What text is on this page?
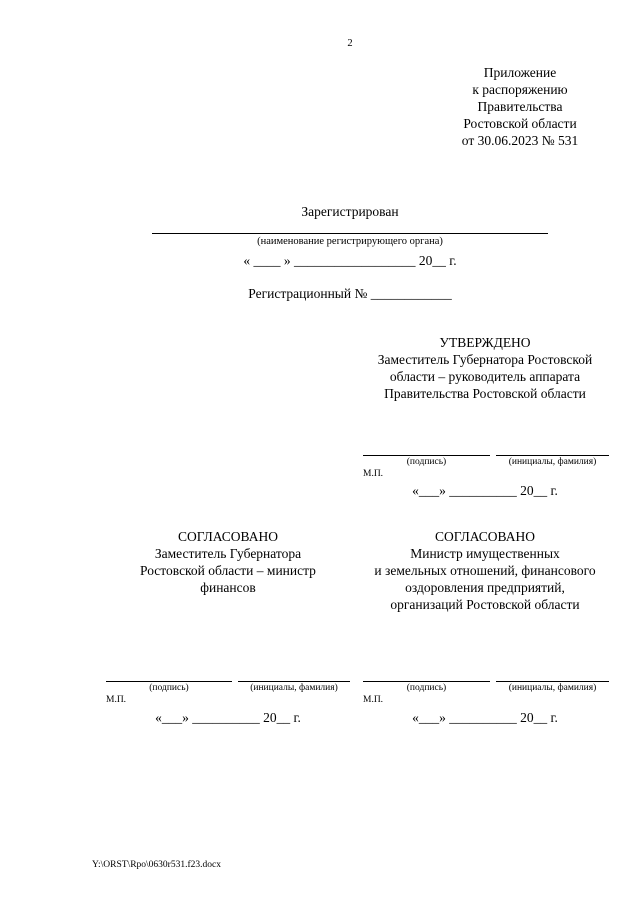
2
Приложение
к распоряжению
Правительства
Ростовской области
от 30.06.2023 № 531
Зарегистрирован
(наименование регистрирующего органа)
« ____ » __________________ 20__ г.
Регистрационный № ____________
УТВЕРЖДЕНО
Заместитель Губернатора Ростовской
области – руководитель аппарата
Правительства Ростовской области
(подпись)	(инициалы, фамилия)
М.П.
«___» __________ 20__ г.
СОГЛАСОВАНО
Заместитель Губернатора
Ростовской области – министр
финансов
(подпись)	(инициалы, фамилия)
М.П.
«___» __________ 20__ г.
СОГЛАСОВАНО
Министр имущественных
и земельных отношений, финансового
оздоровления предприятий,
организаций Ростовской области
(подпись)	(инициалы, фамилия)
М.П.
«___» __________ 20__ г.
Y:\ORST\Rpo\0630r531.f23.docx
